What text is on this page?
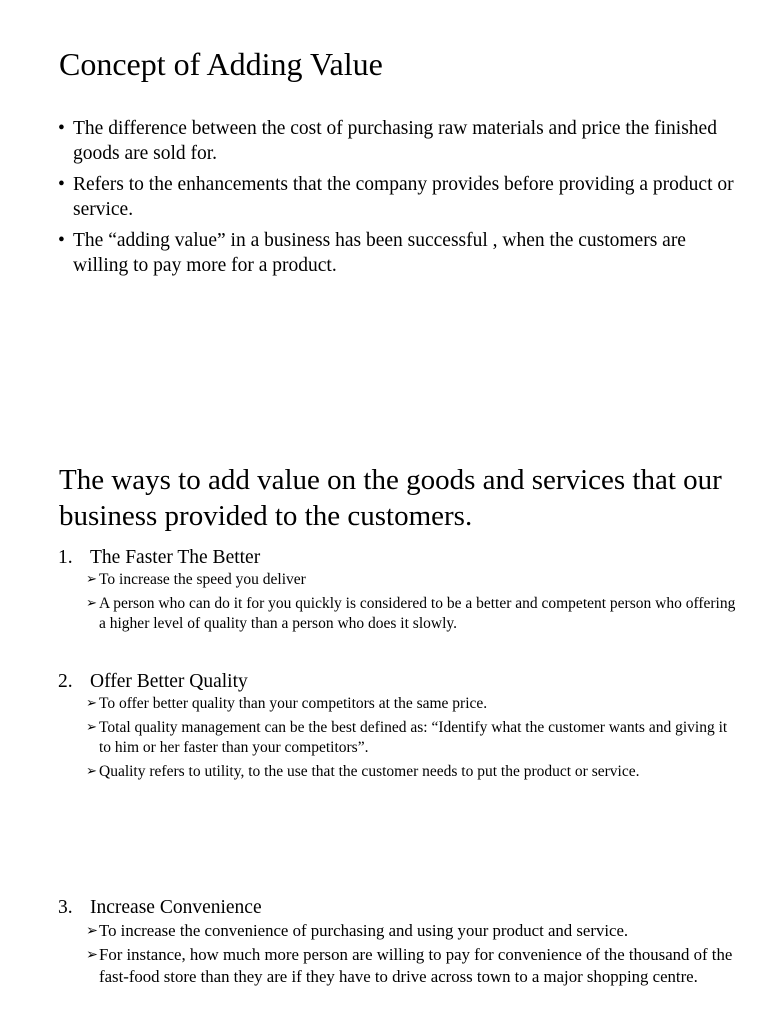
Concept of Adding Value
• The difference between the cost of purchasing raw materials and price the finished goods are sold for.
• Refers to the enhancements that the company provides before providing a product or service.
• The “adding value” in a business has been successful , when the customers are willing to pay more for a product.
The ways to add value on the goods and services that our business provided to the customers.
1. The Faster The Better
➢ To increase the speed you deliver
➢ A person who can do it for you quickly is considered to be a better and competent person who offering a higher level of quality than a person who does it slowly.
2. Offer Better Quality
➢ To offer better quality than your competitors at the same price.
➢ Total quality management can be the best defined as: “Identify what the customer wants and giving it to him or her faster than your competitors”.
➢ Quality refers to utility, to the use that the customer needs to put the product or service.
3. Increase Convenience
➢ To increase the convenience of purchasing and using your product and service.
➢ For instance, how much more person are willing to pay for convenience of the thousand of the fast-food store than they are if they have to drive across town to a major shopping centre.
